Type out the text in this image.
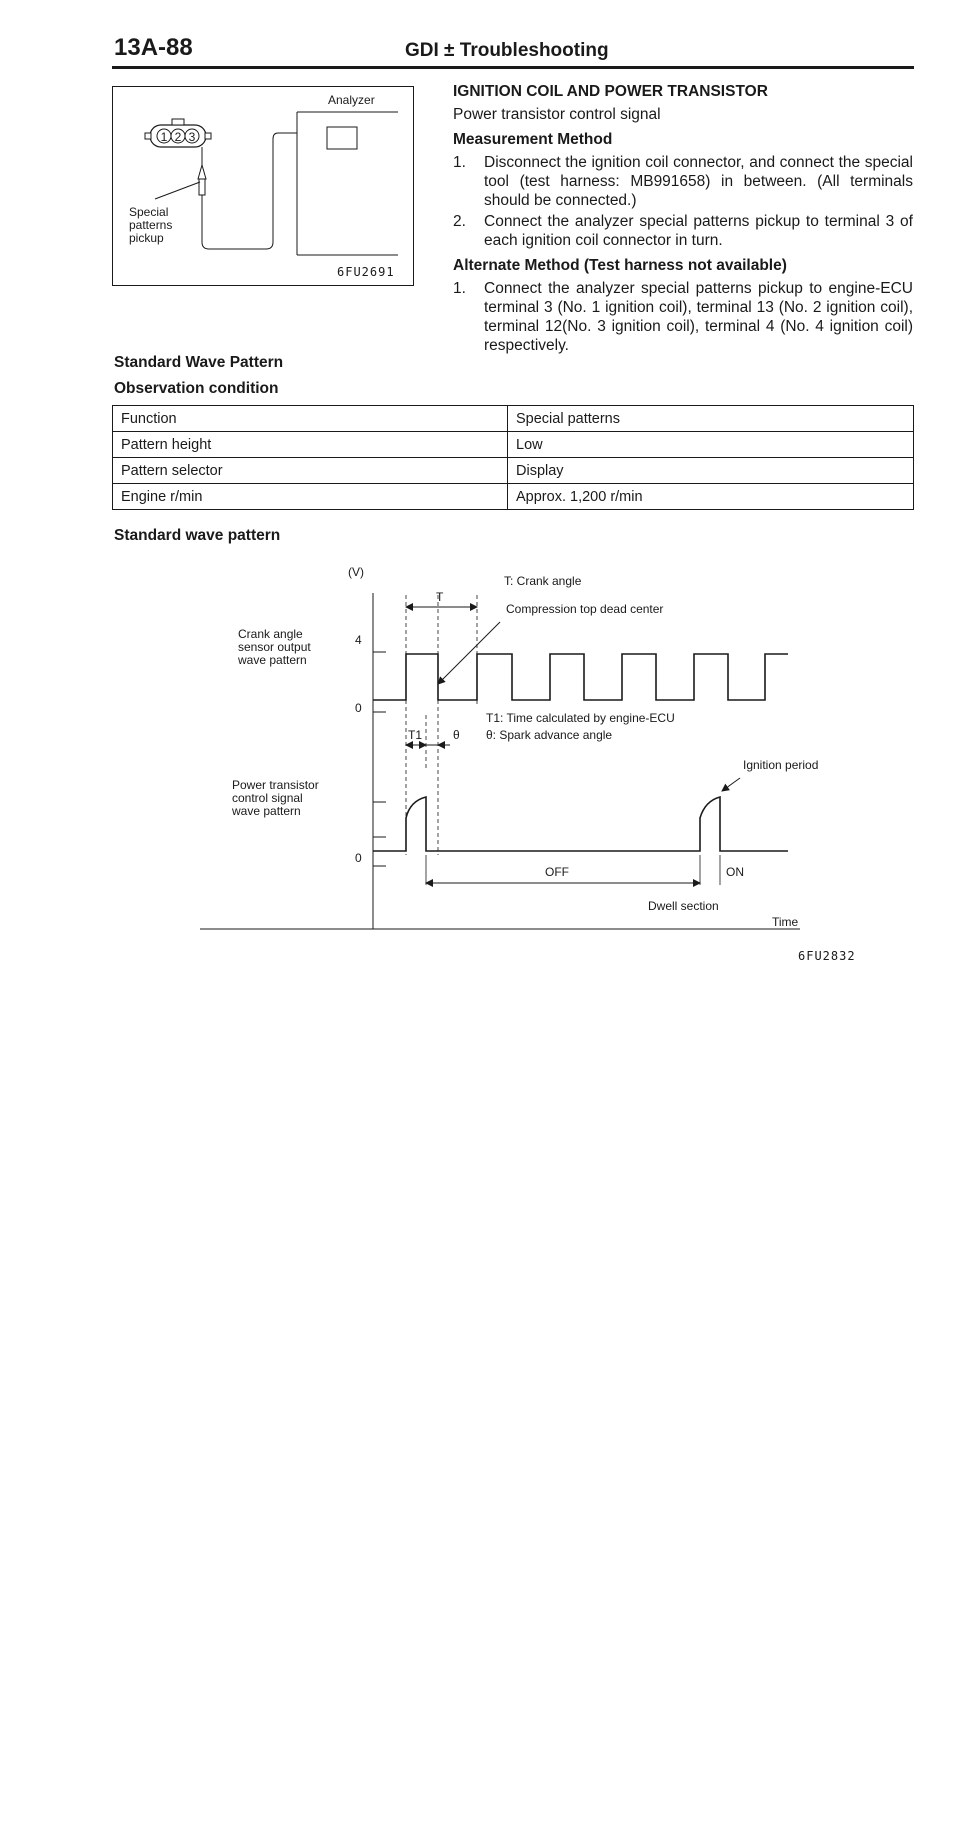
13A-88	GDI ± Troubleshooting
Analyzer
1 2 3
Special
patterns
pickup
6FU2691

IGNITION COIL AND POWER TRANSISTOR

Power transistor control signal

Measurement Method

1.	Disconnect the ignition coil connector, and connect the special tool (test harness: MB991658) in between. (All terminals should be connected.)
2.	Connect the analyzer special patterns pickup to terminal 3 of each ignition coil connector in turn.

Alternate Method (Test harness not available)

1.	Connect the analyzer special patterns pickup to engine-ECU terminal 3 (No. 1 ignition coil), terminal 13 (No. 2 ignition coil), terminal 12(No. 3 ignition coil), terminal 4 (No. 4 ignition coil) respectively.
Standard Wave Pattern
Observation condition
Function	Special patterns
Pattern height	Low
Pattern selector	Display
Engine r/min	Approx. 1,200 r/min
Standard wave pattern
(V)
4
0
0
Crank angle
sensor output
wave pattern
Power transistor
control signal
wave pattern
T
T: Crank angle
Compression top dead center
T1	θ
T1: Time calculated by engine-ECU
θ: Spark advance angle
Ignition period
OFF	ON
Dwell section
Time
6FU2832
